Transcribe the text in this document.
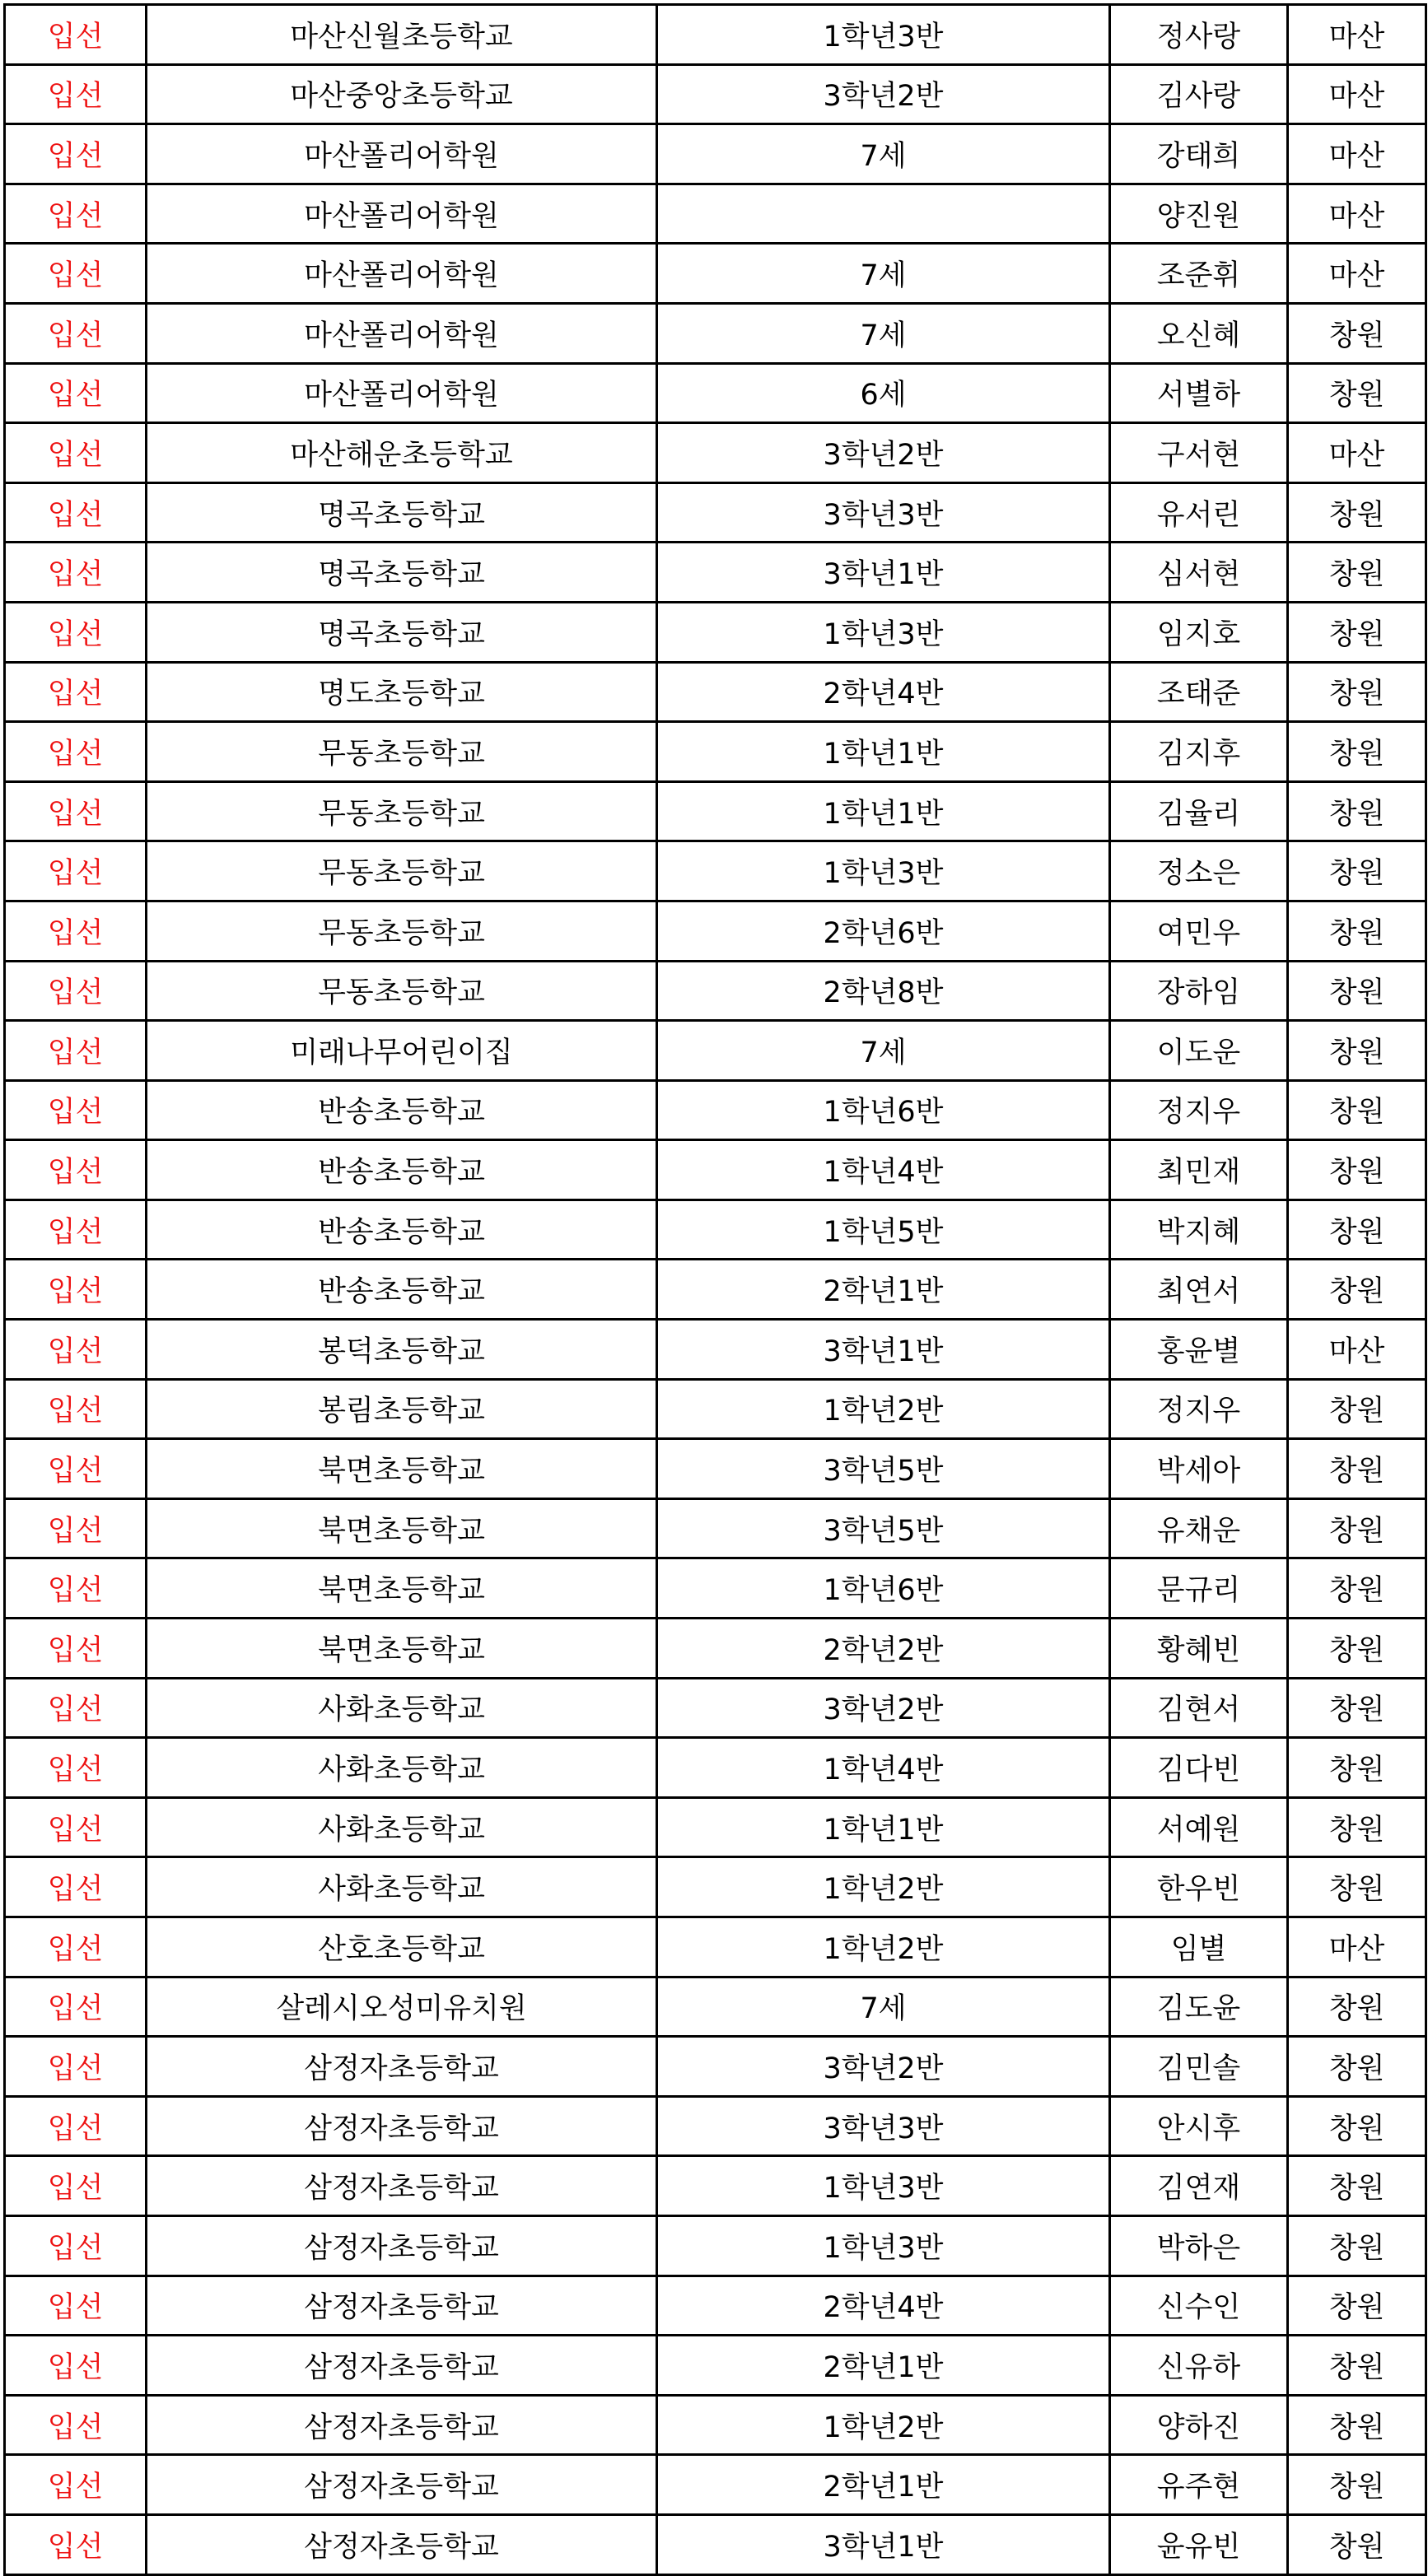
입선	마산신월초등학교	1학년3반	정사랑	마산
입선	마산중앙초등학교	3학년2반	김사랑	마산
입선	마산폴리어학원	7세	강태희	마산
입선	마산폴리어학원		양진원	마산
입선	마산폴리어학원	7세	조준휘	마산
입선	마산폴리어학원	7세	오신혜	창원
입선	마산폴리어학원	6세	서별하	창원
입선	마산해운초등학교	3학년2반	구서현	마산
입선	명곡초등학교	3학년3반	유서린	창원
입선	명곡초등학교	3학년1반	심서현	창원
입선	명곡초등학교	1학년3반	임지호	창원
입선	명도초등학교	2학년4반	조태준	창원
입선	무동초등학교	1학년1반	김지후	창원
입선	무동초등학교	1학년1반	김율리	창원
입선	무동초등학교	1학년3반	정소은	창원
입선	무동초등학교	2학년6반	여민우	창원
입선	무동초등학교	2학년8반	장하임	창원
입선	미래나무어린이집	7세	이도운	창원
입선	반송초등학교	1학년6반	정지우	창원
입선	반송초등학교	1학년4반	최민재	창원
입선	반송초등학교	1학년5반	박지혜	창원
입선	반송초등학교	2학년1반	최연서	창원
입선	봉덕초등학교	3학년1반	홍윤별	마산
입선	봉림초등학교	1학년2반	정지우	창원
입선	북면초등학교	3학년5반	박세아	창원
입선	북면초등학교	3학년5반	유채운	창원
입선	북면초등학교	1학년6반	문규리	창원
입선	북면초등학교	2학년2반	황혜빈	창원
입선	사화초등학교	3학년2반	김현서	창원
입선	사화초등학교	1학년4반	김다빈	창원
입선	사화초등학교	1학년1반	서예원	창원
입선	사화초등학교	1학년2반	한우빈	창원
입선	산호초등학교	1학년2반	임별	마산
입선	살레시오성미유치원	7세	김도윤	창원
입선	삼정자초등학교	3학년2반	김민솔	창원
입선	삼정자초등학교	3학년3반	안시후	창원
입선	삼정자초등학교	1학년3반	김연재	창원
입선	삼정자초등학교	1학년3반	박하은	창원
입선	삼정자초등학교	2학년4반	신수인	창원
입선	삼정자초등학교	2학년1반	신유하	창원
입선	삼정자초등학교	1학년2반	양하진	창원
입선	삼정자초등학교	2학년1반	유주현	창원
입선	삼정자초등학교	3학년1반	윤유빈	창원
